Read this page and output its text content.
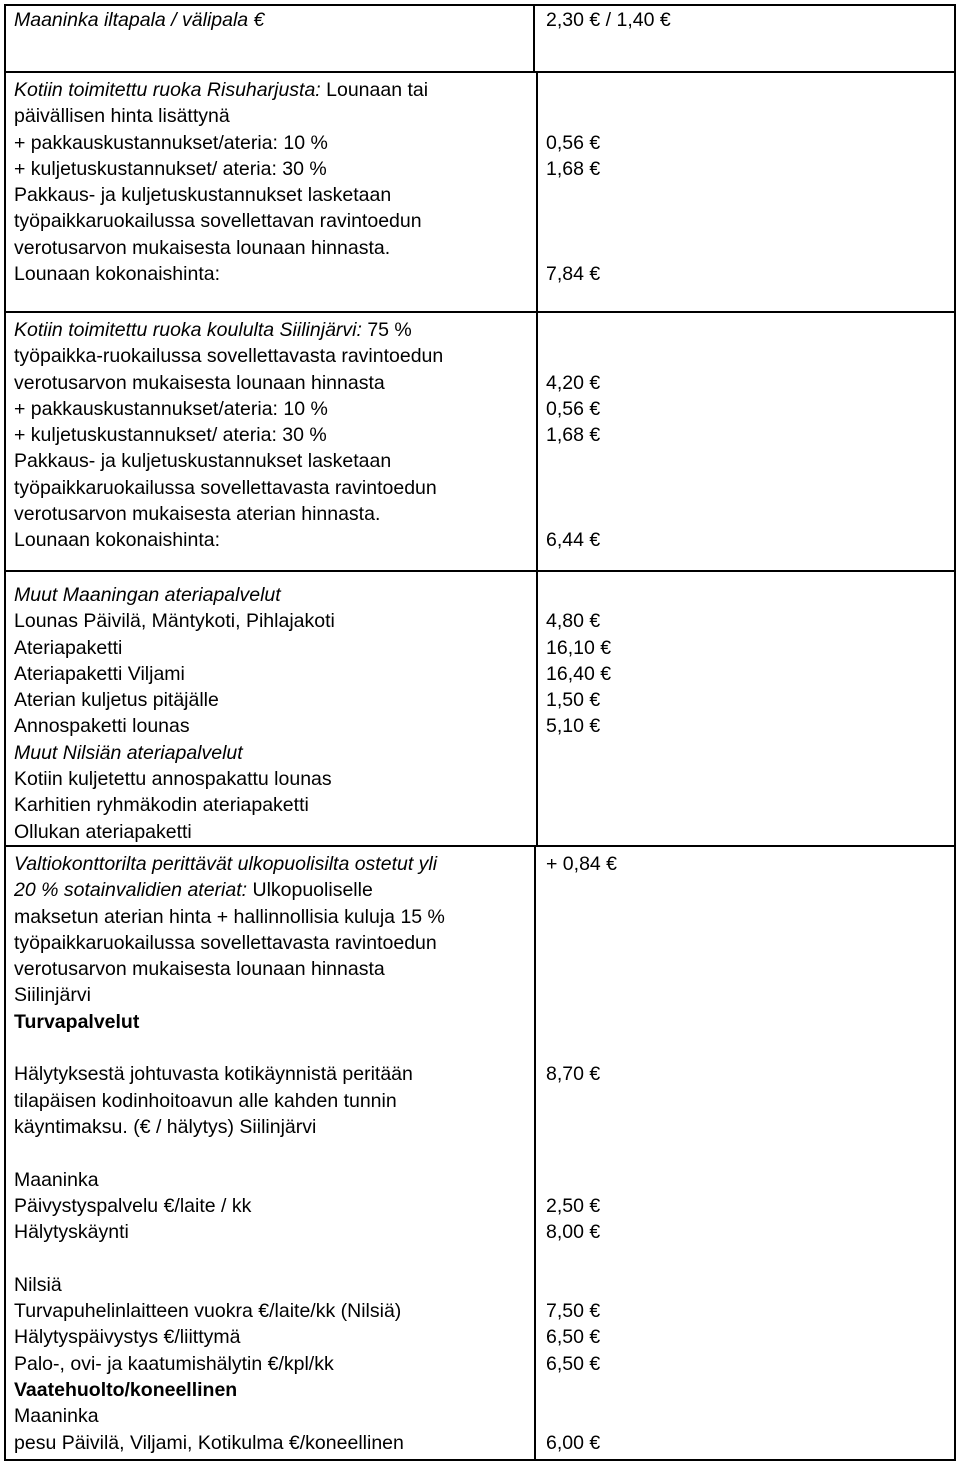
Maaninka iltapala / välipala €	2,30 € / 1,40 €
Kotiin toimitettu ruoka Risuharjusta: Lounaan tai
päivällisen hinta lisättynä
+ pakkauskustannukset/ateria: 10 %
+ kuljetuskustannukset/ ateria: 30 %
Pakkaus- ja kuljetuskustannukset lasketaan
työpaikkaruokailussa sovellettavan ravintoedun
verotusarvon mukaisesta lounaan hinnasta.
Lounaan kokonaishinta:
0,56 €
1,68 €
7,84 €
Kotiin toimitettu ruoka koululta Siilinjärvi: 75 %
työpaikka-ruokailussa sovellettavasta ravintoedun
verotusarvon mukaisesta lounaan hinnasta
+ pakkauskustannukset/ateria: 10 %
+ kuljetuskustannukset/ ateria: 30 %
Pakkaus- ja kuljetuskustannukset lasketaan
työpaikkaruokailussa sovellettavasta ravintoedun
verotusarvon mukaisesta aterian hinnasta.
Lounaan kokonaishinta:
4,20 €
0,56 €
1,68 €
6,44 €
Muut Maaningan ateriapalvelut
Lounas Päivilä, Mäntykoti, Pihlajakoti
Ateriapaketti
Ateriapaketti Viljami
Aterian kuljetus pitäjälle
Annospaketti lounas
Muut Nilsiän ateriapalvelut
Kotiin kuljetettu annospakattu lounas
Karhitien ryhmäkodin ateriapaketti
Ollukan ateriapaketti
4,80 €
16,10 €
16,40 €
1,50 €
5,10 €
Valtiokonttorilta perittävät ulkopuolisilta ostetut yli
20 % sotainvalidien ateriat: Ulkopuoliselle
maksetun aterian hinta + hallinnollisia kuluja 15 %
työpaikkaruokailussa sovellettavasta ravintoedun
verotusarvon mukaisesta lounaan hinnasta
Siilinjärvi
Turvapalvelut
Hälytyksestä johtuvasta kotikäynnistä peritään
tilapäisen kodinhoitoavun alle kahden tunnin
käyntimaksu. (€ / hälytys) Siilinjärvi
Maaninka
Päivystyspalvelu €/laite / kk
Hälytyskäynti
Nilsiä
Turvapuhelinlaitteen vuokra €/laite/kk (Nilsiä)
Hälytyspäivystys €/liittymä
Palo-, ovi- ja kaatumishälytin €/kpl/kk
Vaatehuolto/koneellinen
Maaninka
pesu Päivilä, Viljami, Kotikulma €/koneellinen
+ 0,84 €
8,70 €
2,50 €
8,00 €
7,50 €
6,50 €
6,50 €
6,00 €
